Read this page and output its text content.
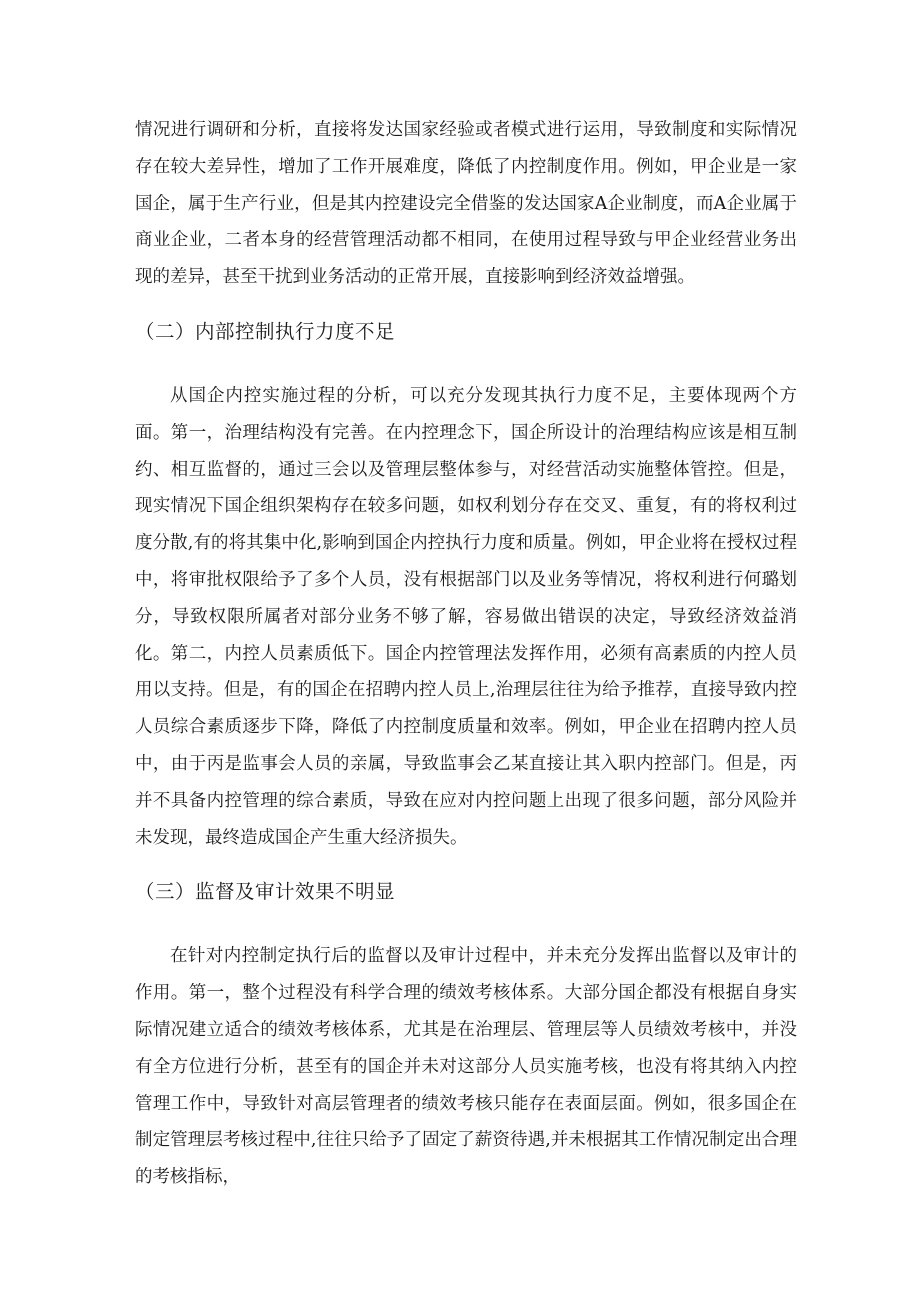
情况进行调研和分析，直接将发达国家经验或者模式进行运用，导致制度和实际情况存在较大差异性，增加了工作开展难度，降低了内控制度作用。例如，甲企业是一家国企，属于生产行业，但是其内控建设完全借鉴的发达国家A企业制度，而A企业属于商业企业，二者本身的经营管理活动都不相同，在使用过程导致与甲企业经营业务出现的差异，甚至干扰到业务活动的正常开展，直接影响到经济效益增强。

（二）内部控制执行力度不足

从国企内控实施过程的分析，可以充分发现其执行力度不足，主要体现两个方面。第一，治理结构没有完善。在内控理念下，国企所设计的治理结构应该是相互制约、相互监督的，通过三会以及管理层整体参与，对经营活动实施整体管控。但是，现实情况下国企组织架构存在较多问题，如权利划分存在交叉、重复，有的将权利过度分散,有的将其集中化,影响到国企内控执行力度和质量。例如，甲企业将在授权过程中，将审批权限给予了多个人员，没有根据部门以及业务等情况，将权利进行何璐划分，导致权限所属者对部分业务不够了解，容易做出错误的决定，导致经济效益消化。第二，内控人员素质低下。国企内控管理法发挥作用，必须有高素质的内控人员用以支持。但是，有的国企在招聘内控人员上,治理层往往为给予推荐，直接导致内控人员综合素质逐步下降，降低了内控制度质量和效率。例如，甲企业在招聘内控人员中，由于丙是监事会人员的亲属，导致监事会乙某直接让其入职内控部门。但是，丙并不具备内控管理的综合素质，导致在应对内控问题上出现了很多问题，部分风险并未发现，最终造成国企产生重大经济损失。

（三）监督及审计效果不明显

在针对内控制定执行后的监督以及审计过程中，并未充分发挥出监督以及审计的作用。第一，整个过程没有科学合理的绩效考核体系。大部分国企都没有根据自身实际情况建立适合的绩效考核体系，尤其是在治理层、管理层等人员绩效考核中，并没有全方位进行分析，甚至有的国企并未对这部分人员实施考核，也没有将其纳入内控管理工作中，导致针对高层管理者的绩效考核只能存在表面层面。例如，很多国企在制定管理层考核过程中,往往只给予了固定了薪资待遇,并未根据其工作情况制定出合理的考核指标，
